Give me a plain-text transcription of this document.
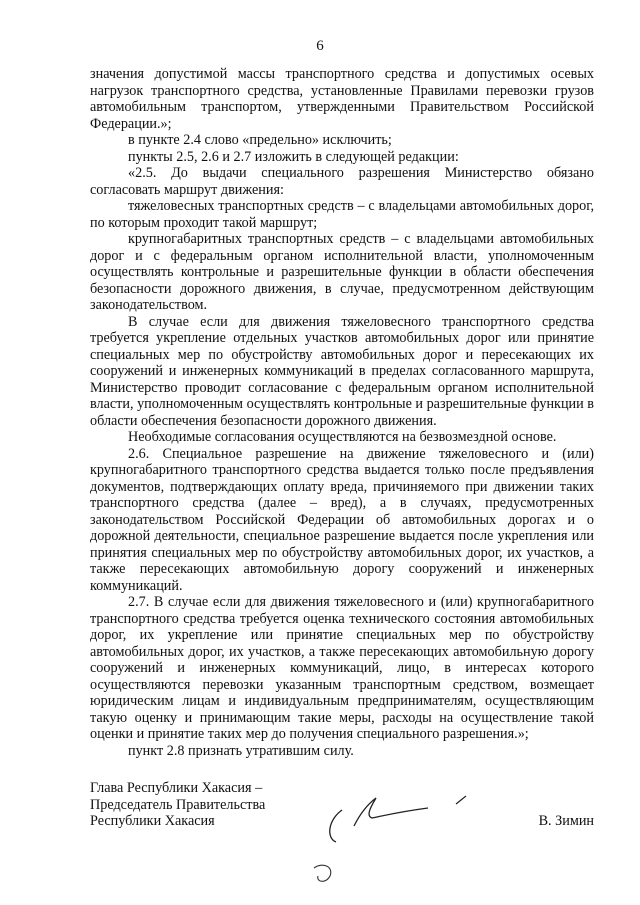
6

значения допустимой массы транспортного средства и допустимых осевых нагрузок транспортного средства, установленные Правилами перевозки грузов автомобильным транспортом, утвержденными Правительством Российской Федерации.»;

в пункте 2.4 слово «предельно» исключить;

пункты 2.5, 2.6 и 2.7 изложить в следующей редакции:

«2.5. До выдачи специального разрешения Министерство обязано согласовать маршрут движения:

тяжеловесных транспортных средств – с владельцами автомобильных дорог, по которым проходит такой маршрут;

крупногабаритных транспортных средств – с владельцами автомобильных дорог и с федеральным органом исполнительной власти, уполномоченным осуществлять контрольные и разрешительные функции в области обеспечения безопасности дорожного движения, в случае, предусмотренном действующим законодательством.

В случае если для движения тяжеловесного транспортного средства требуется укрепление отдельных участков автомобильных дорог или принятие специальных мер по обустройству автомобильных дорог и пересекающих их сооружений и инженерных коммуникаций в пределах согласованного маршрута, Министерство проводит согласование с федеральным органом исполнительной власти, уполномоченным осуществлять контрольные и разрешительные функции в области обеспечения безопасности дорожного движения.

Необходимые согласования осуществляются на безвозмездной основе.

2.6. Специальное разрешение на движение тяжеловесного и (или) крупногабаритного транспортного средства выдается только после предъявления документов, подтверждающих оплату вреда, причиняемого при движении таких транспортного средства (далее – вред), а в случаях, предусмотренных законодательством Российской Федерации об автомобильных дорогах и о дорожной деятельности, специальное разрешение выдается после укрепления или принятия специальных мер по обустройству автомобильных дорог, их участков, а также пересекающих автомобильную дорогу сооружений и инженерных коммуникаций.

2.7. В случае если для движения тяжеловесного и (или) крупногабаритного транспортного средства требуется оценка технического состояния автомобильных дорог, их укрепление или принятие специальных мер по обустройству автомобильных дорог, их участков, а также пересекающих автомобильную дорогу сооружений и инженерных коммуникаций, лицо, в интересах которого осуществляются перевозки указанным транспортным средством, возмещает юридическим лицам и индивидуальным предпринимателям, осуществляющим такую оценку и принимающим такие меры, расходы на осуществление такой оценки и принятие таких мер до получения специального разрешения.»;

пункт 2.8 признать утратившим силу.

Глава Республики Хакасия –
Председатель Правительства
Республики Хакасия	В. Зимин
